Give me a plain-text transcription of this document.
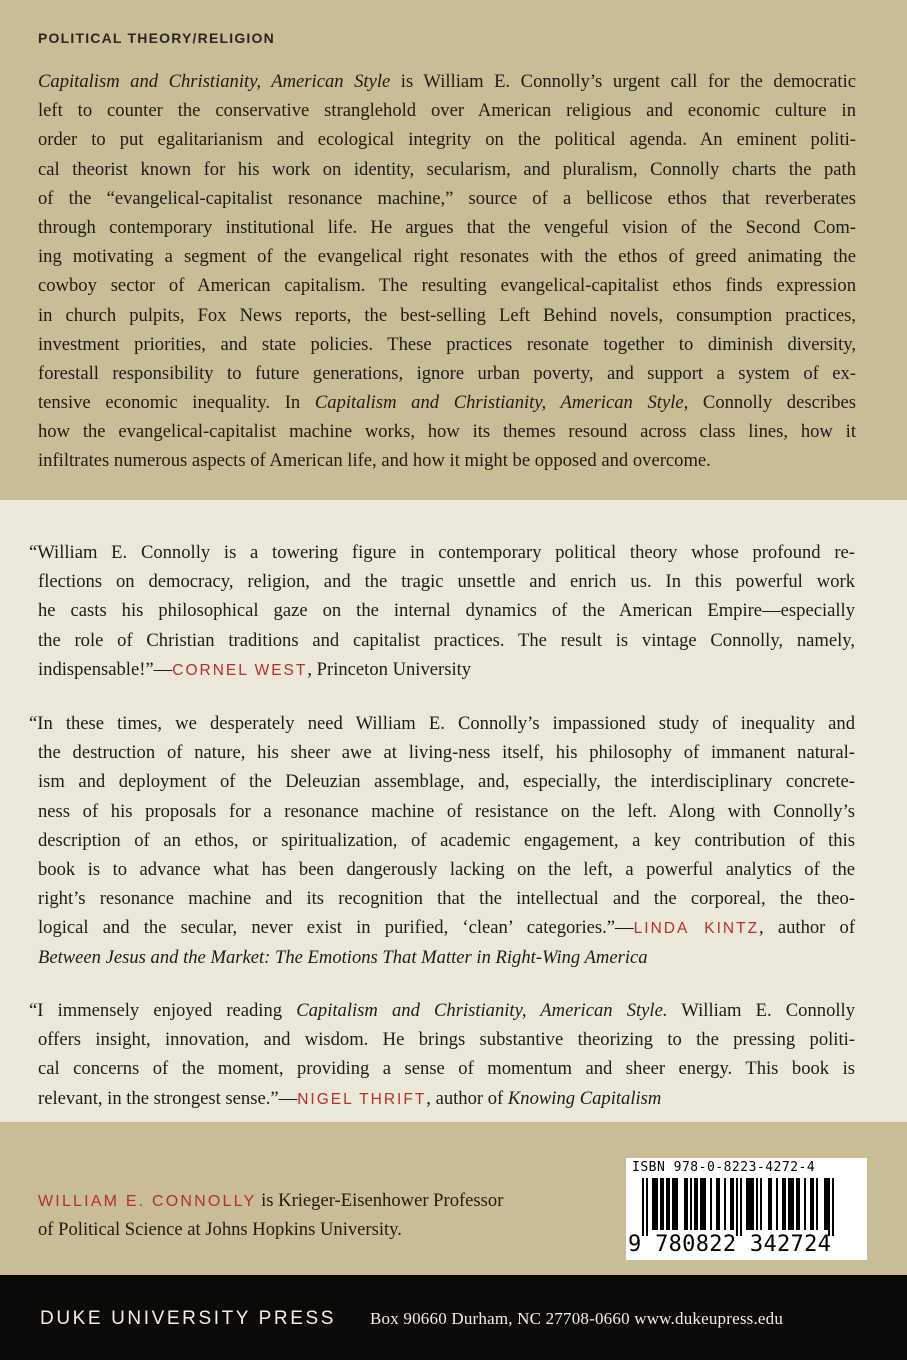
POLITICAL THEORY/RELIGION
Capitalism and Christianity, American Style is William E. Connolly’s urgent call for the democratic
left to counter the conservative stranglehold over American religious and economic culture in
order to put egalitarianism and ecological integrity on the political agenda. An eminent politi-
cal theorist known for his work on identity, secularism, and pluralism, Connolly charts the path
of the “evangelical-capitalist resonance machine,” source of a bellicose ethos that reverberates
through contemporary institutional life. He argues that the vengeful vision of the Second Com-
ing motivating a segment of the evangelical right resonates with the ethos of greed animating the
cowboy sector of American capitalism. The resulting evangelical-capitalist ethos finds expression
in church pulpits, Fox News reports, the best-selling Left Behind novels, consumption practices,
investment priorities, and state policies. These practices resonate together to diminish diversity,
forestall responsibility to future generations, ignore urban poverty, and support a system of ex-
tensive economic inequality. In Capitalism and Christianity, American Style, Connolly describes
how the evangelical-capitalist machine works, how its themes resound across class lines, how it
infiltrates numerous aspects of American life, and how it might be opposed and overcome.
“William E. Connolly is a towering figure in contemporary political theory whose profound re-
flections on democracy, religion, and the tragic unsettle and enrich us. In this powerful work
he casts his philosophical gaze on the internal dynamics of the American Empire—especially
the role of Christian traditions and capitalist practices. The result is vintage Connolly, namely,
indispensable!”—CORNEL WEST, Princeton University
“In these times, we desperately need William E. Connolly’s impassioned study of inequality and
the destruction of nature, his sheer awe at living-ness itself, his philosophy of immanent natural-
ism and deployment of the Deleuzian assemblage, and, especially, the interdisciplinary concrete-
ness of his proposals for a resonance machine of resistance on the left. Along with Connolly’s
description of an ethos, or spiritualization, of academic engagement, a key contribution of this
book is to advance what has been dangerously lacking on the left, a powerful analytics of the
right’s resonance machine and its recognition that the intellectual and the corporeal, the theo-
logical and the secular, never exist in purified, ‘clean’ categories.”—LINDA KINTZ, author of
Between Jesus and the Market: The Emotions That Matter in Right-Wing America
“I immensely enjoyed reading Capitalism and Christianity, American Style. William E. Connolly
offers insight, innovation, and wisdom. He brings substantive theorizing to the pressing politi-
cal concerns of the moment, providing a sense of momentum and sheer energy. This book is
relevant, in the strongest sense.”—NIGEL THRIFT, author of Knowing Capitalism
WILLIAM E. CONNOLLY is Krieger-Eisenhower Professor
of Political Science at Johns Hopkins University.
ISBN 978-0-8223-4272-4
9 780822 342724
DUKE UNIVERSITY PRESS Box 90660 Durham, NC 27708-0660 www.dukeupress.edu
